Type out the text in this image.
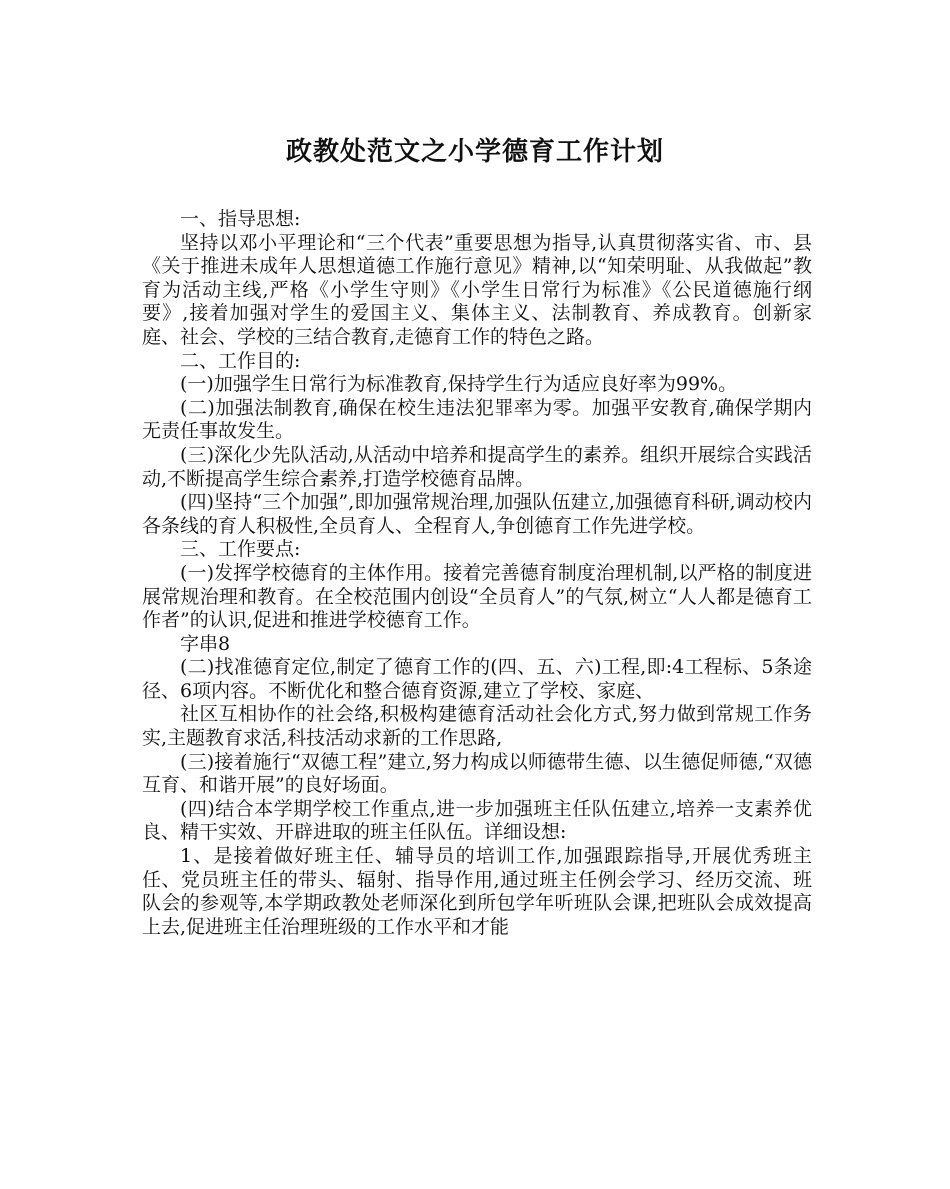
政教处范文之小学德育工作计划

一、指导思想:

坚持以邓小平理论和“三个代表”重要思想为指导,认真贯彻落实省、市、县《关于推进未成年人思想道德工作施行意见》精神,以“知荣明耻、从我做起”教育为活动主线,严格《小学生守则》《小学生日常行为标准》《公民道德施行纲要》,接着加强对学生的爱国主义、集体主义、法制教育、养成教育。创新家庭、社会、学校的三结合教育,走德育工作的特色之路。

二、工作目的:

(一)加强学生日常行为标准教育,保持学生行为适应良好率为99%。

(二)加强法制教育,确保在校生违法犯罪率为零。加强平安教育,确保学期内无责任事故发生。

(三)深化少先队活动,从活动中培养和提高学生的素养。组织开展综合实践活动,不断提高学生综合素养,打造学校德育品牌。

(四)坚持“三个加强”,即加强常规治理,加强队伍建立,加强德育科研,调动校内各条线的育人积极性,全员育人、全程育人,争创德育工作先进学校。

三、工作要点:

(一)发挥学校德育的主体作用。接着完善德育制度治理机制,以严格的制度进展常规治理和教育。在全校范围内创设“全员育人”的气氛,树立“人人都是德育工作者”的认识,促进和推进学校德育工作。

字串8

(二)找准德育定位,制定了德育工作的(四、五、六)工程,即:4工程标、5条途径、6项内容。不断优化和整合德育资源,建立了学校、家庭、

社区互相协作的社会络,积极构建德育活动社会化方式,努力做到常规工作务实,主题教育求活,科技活动求新的工作思路,

(三)接着施行“双德工程”建立,努力构成以师德带生德、以生德促师德,“双德互育、和谐开展”的良好场面。

(四)结合本学期学校工作重点,进一步加强班主任队伍建立,培养一支素养优良、精干实效、开辟进取的班主任队伍。详细设想:

1、是接着做好班主任、辅导员的培训工作,加强跟踪指导,开展优秀班主任、党员班主任的带头、辐射、指导作用,通过班主任例会学习、经历交流、班队会的参观等,本学期政教处老师深化到所包学年听班队会课,把班队会成效提高上去,促进班主任治理班级的工作水平和才能
